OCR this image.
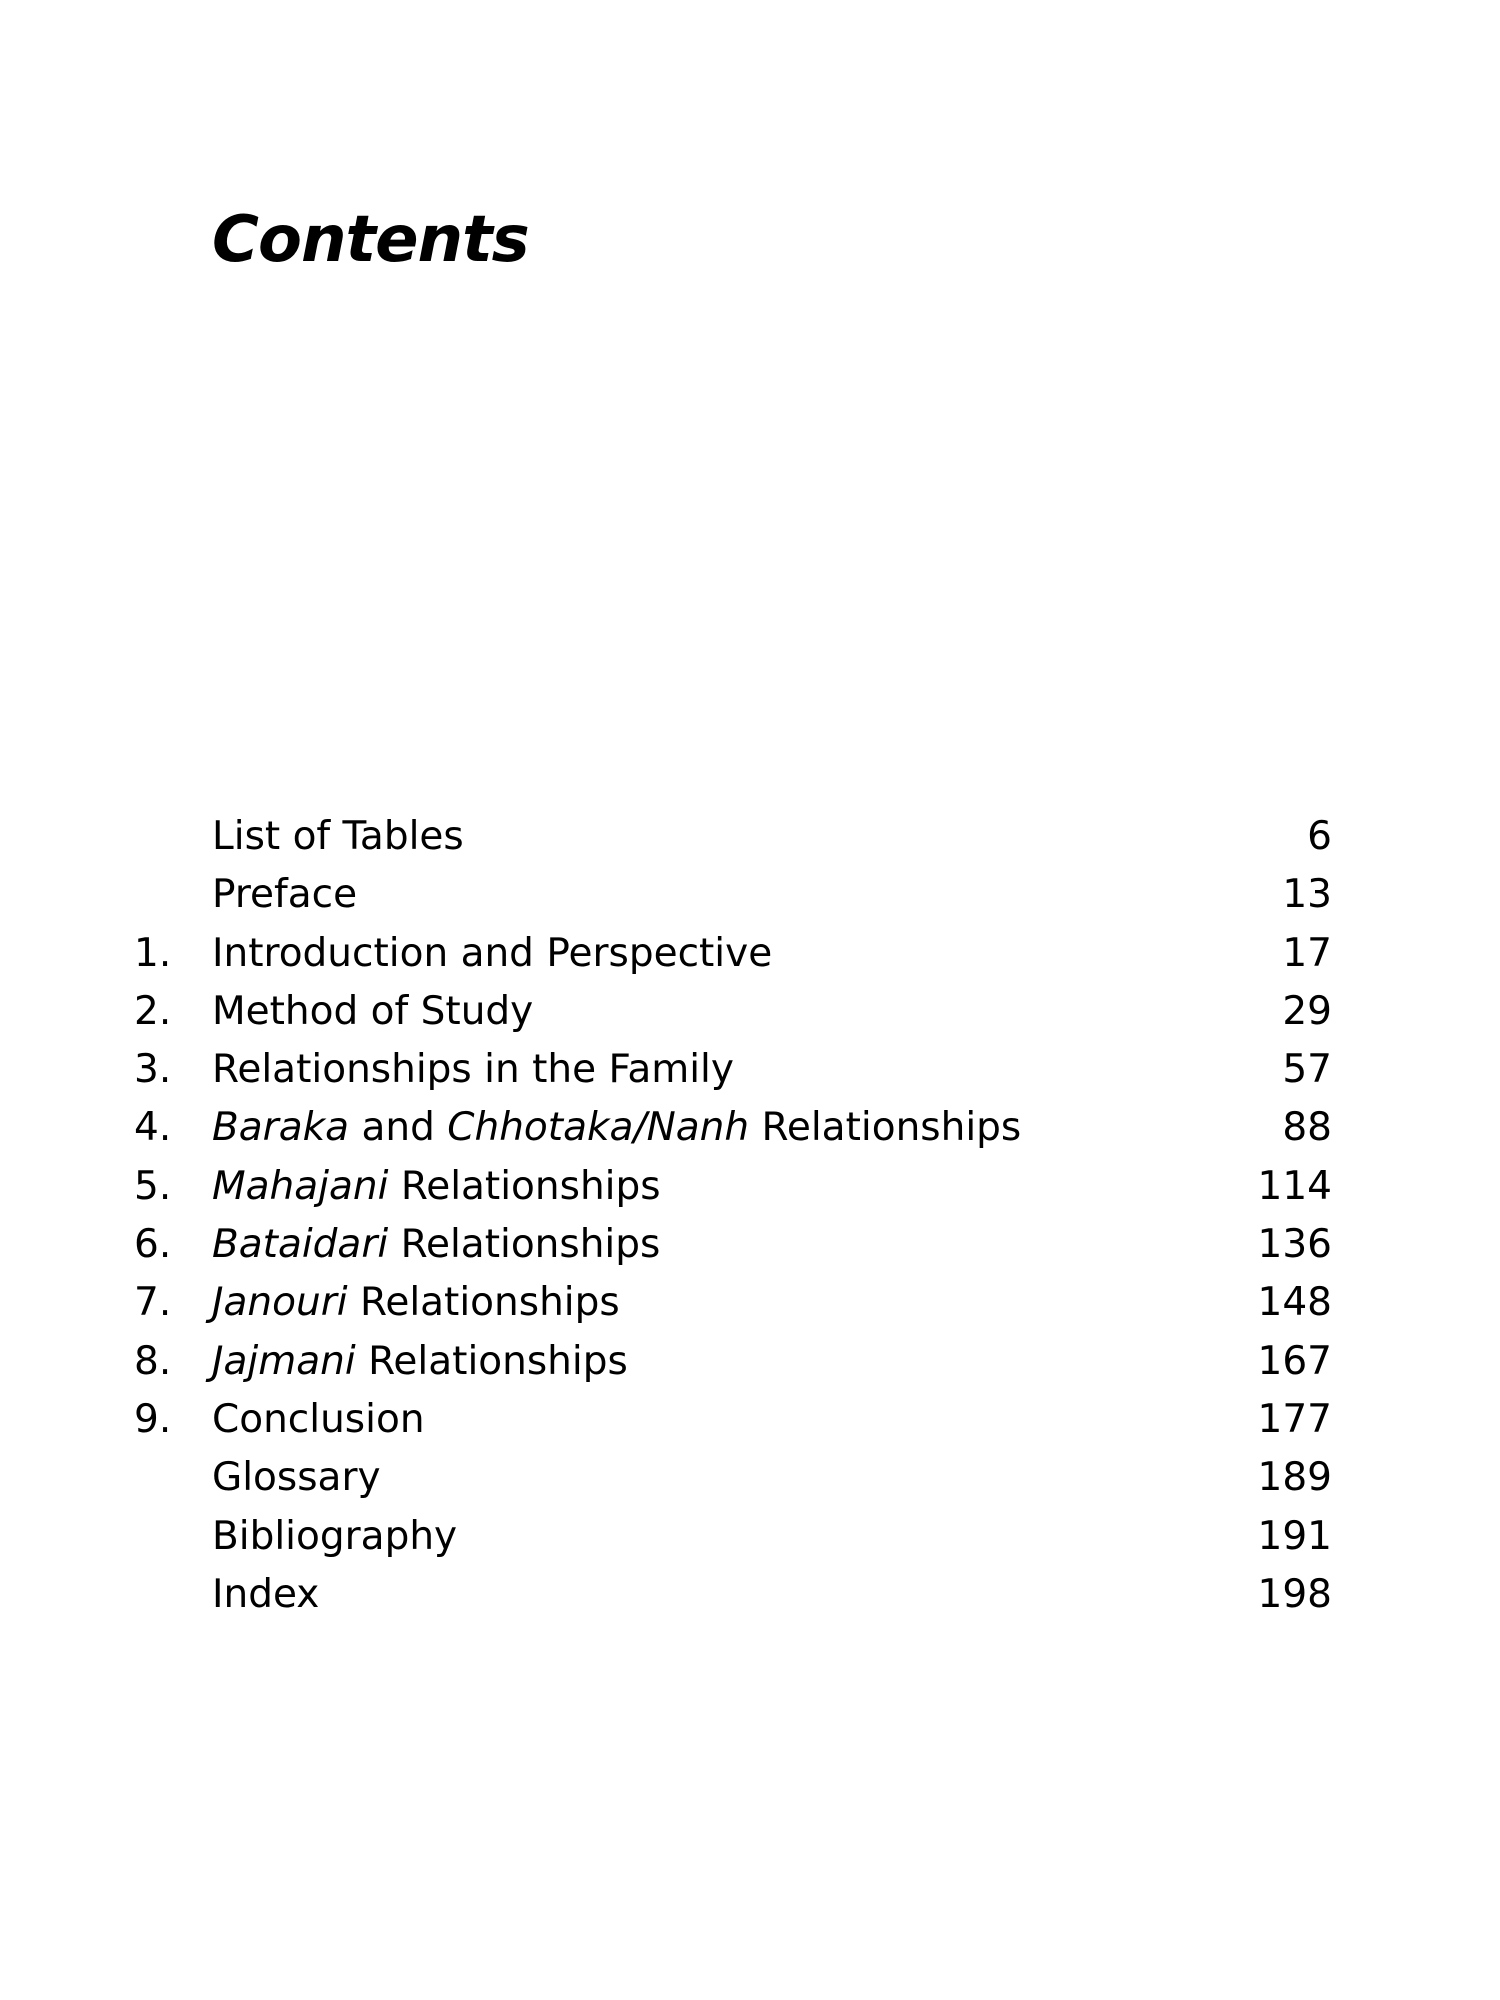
Contents
List of Tables	6
Preface	13
1. Introduction and Perspective	17
2. Method of Study	29
3. Relationships in the Family	57
4. Baraka and Chhotaka/Nanh Relationships	88
5. Mahajani Relationships	114
6. Bataidari Relationships	136
7. Janouri Relationships	148
8. Jajmani Relationships	167
9. Conclusion	177
Glossary	189
Bibliography	191
Index	198
